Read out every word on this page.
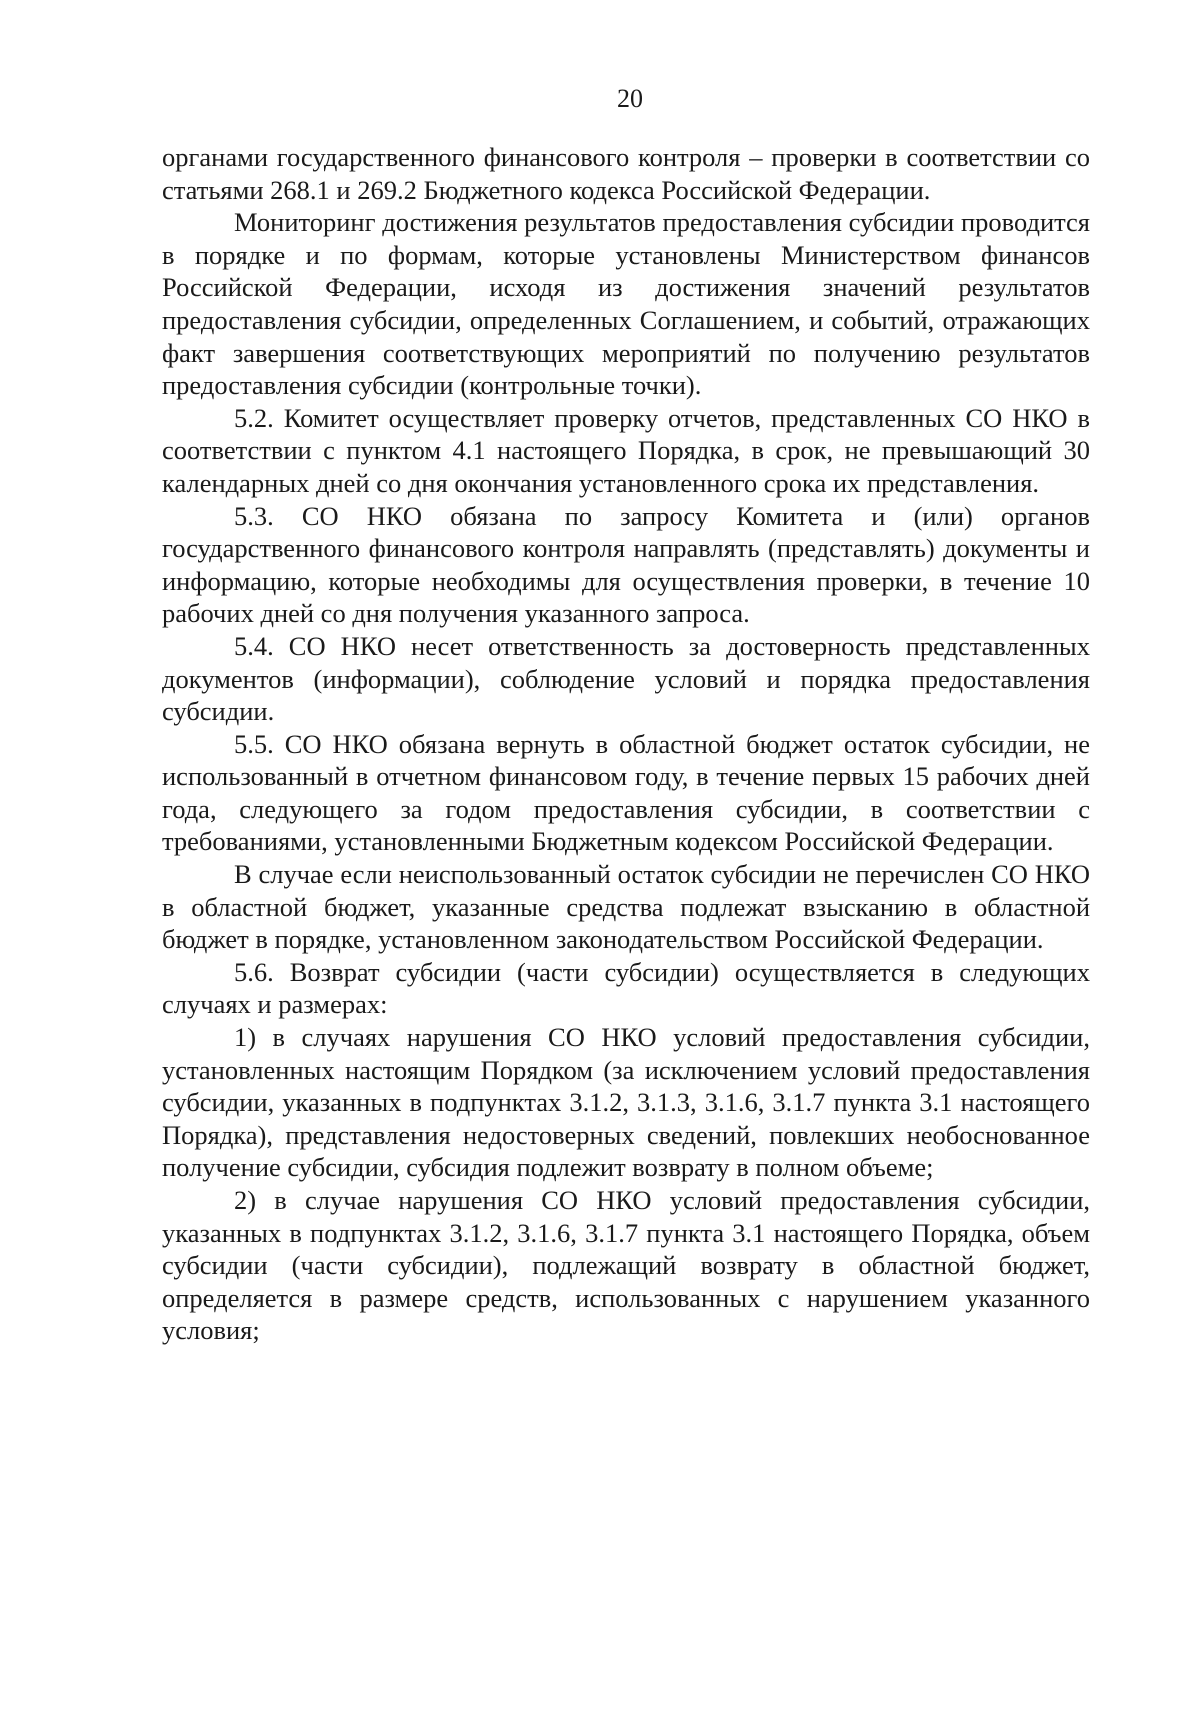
20

органами государственного финансового контроля – проверки в соответствии со статьями 268.1 и 269.2 Бюджетного кодекса Российской Федерации.

Мониторинг достижения результатов предоставления субсидии проводится в порядке и по формам, которые установлены Министерством финансов Российской Федерации, исходя из достижения значений результатов предоставления субсидии, определенных Соглашением, и событий, отражающих факт завершения соответствующих мероприятий по получению результатов предоставления субсидии (контрольные точки).

5.2. Комитет осуществляет проверку отчетов, представленных СО НКО в соответствии с пунктом 4.1 настоящего Порядка, в срок, не превышающий 30 календарных дней со дня окончания установленного срока их представления.

5.3. СО НКО обязана по запросу Комитета и (или) органов государственного финансового контроля направлять (представлять) документы и информацию, которые необходимы для осуществления проверки, в течение 10 рабочих дней со дня получения указанного запроса.

5.4. СО НКО несет ответственность за достоверность представленных документов (информации), соблюдение условий и порядка предоставления субсидии.

5.5. СО НКО обязана вернуть в областной бюджет остаток субсидии, не использованный в отчетном финансовом году, в течение первых 15 рабочих дней года, следующего за годом предоставления субсидии, в соответствии с требованиями, установленными Бюджетным кодексом Российской Федерации.

В случае если неиспользованный остаток субсидии не перечислен СО НКО в областной бюджет, указанные средства подлежат взысканию в областной бюджет в порядке, установленном законодательством Российской Федерации.

5.6. Возврат субсидии (части субсидии) осуществляется в следующих случаях и размерах:

1) в случаях нарушения СО НКО условий предоставления субсидии, установленных настоящим Порядком (за исключением условий предоставления субсидии, указанных в подпунктах 3.1.2, 3.1.3, 3.1.6, 3.1.7 пункта 3.1 настоящего Порядка), представления недостоверных сведений, повлекших необоснованное получение субсидии, субсидия подлежит возврату в полном объеме;

2) в случае нарушения СО НКО условий предоставления субсидии, указанных в подпунктах 3.1.2, 3.1.6, 3.1.7 пункта 3.1 настоящего Порядка, объем субсидии (части субсидии), подлежащий возврату в областной бюджет, определяется в размере средств, использованных с нарушением указанного условия;
